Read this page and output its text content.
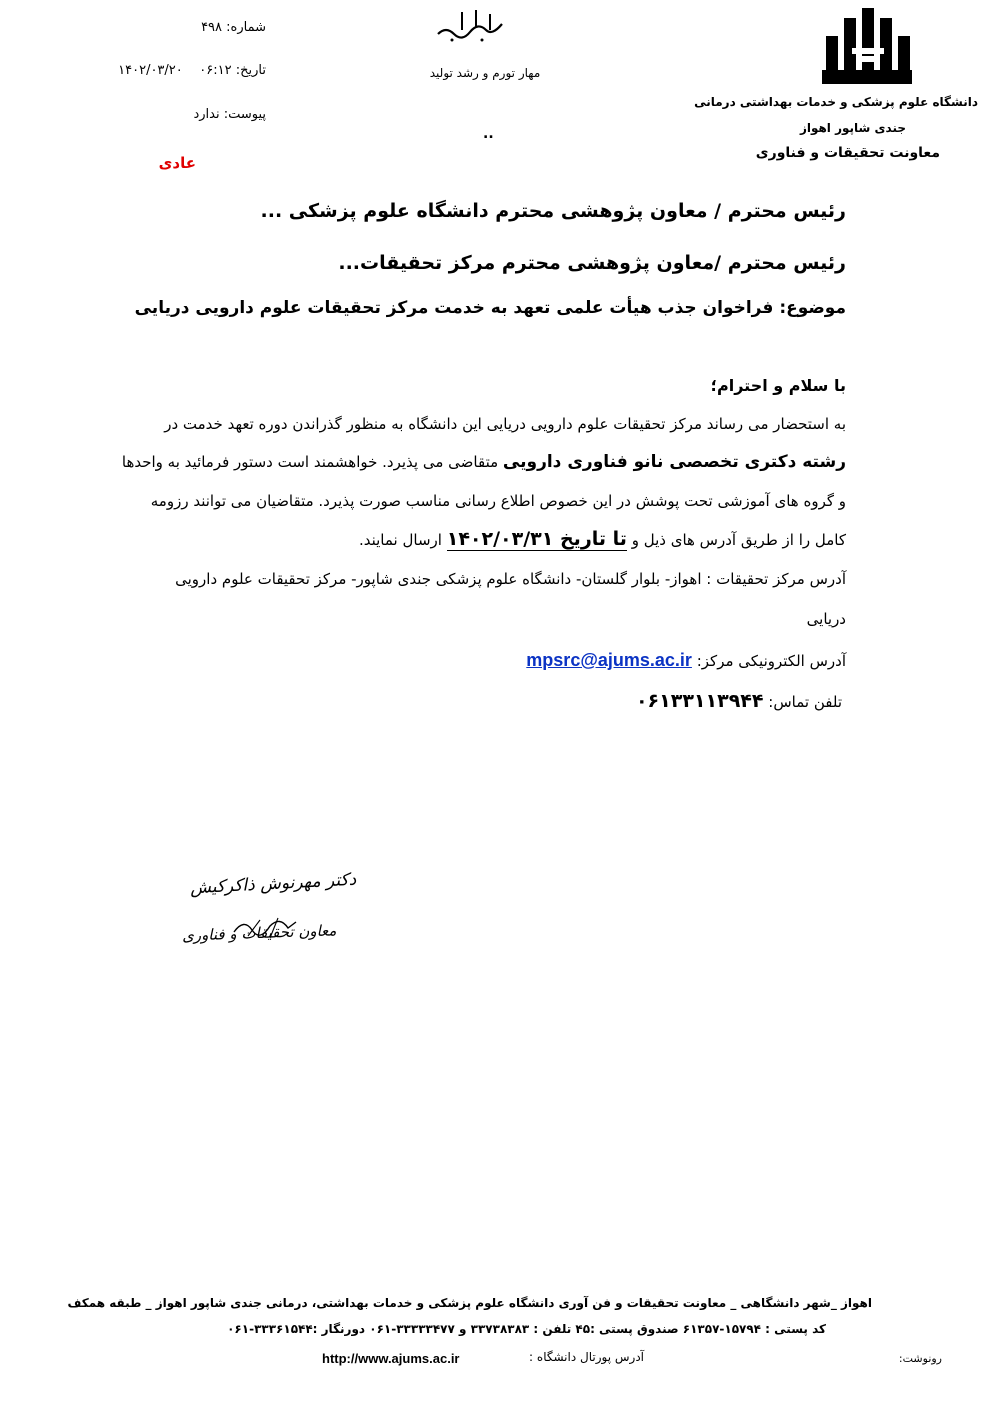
دانشگاه علوم پزشکی و خدمات بهداشتی درمانی
جندی شاپور اهواز
معاونت تحقیقات و فناوری
مهار تورم و رشد تولید
..
شماره: ۴۹۸
تاریخ: ۰۶:۱۲    ۱۴۰۲/۰۳/۲۰
پیوست: ندارد
عادی
رئیس محترم / معاون پژوهشی محترم دانشگاه علوم پزشکی ...
رئیس محترم /معاون پژوهشی محترم مرکز تحقیقات...
موضوع: فراخوان جذب هیأت علمی تعهد به خدمت مرکز تحقیقات علوم دارویی دریایی
با سلام و احترام؛
به استحضار می رساند مرکز تحقیقات علوم دارویی دریایی این دانشگاه به منظور گذراندن دوره تعهد خدمت در
رشته دکتری تخصصی نانو فناوری دارویی متقاضی می پذیرد. خواهشمند است دستور فرمائید به واحدها
و گروه های آموزشی تحت پوشش در این خصوص اطلاع رسانی مناسب صورت پذیرد. متقاضیان می توانند رزومه
کامل را از طریق آدرس های ذیل و تا تاریخ ۱۴۰۲/۰۳/۳۱ ارسال نمایند.
آدرس مرکز تحقیقات : اهواز- بلوار گلستان- دانشگاه علوم پزشکی جندی شاپور- مرکز تحقیقات علوم دارویی
دریایی
آدرس الکترونیکی مرکز: mpsrc@ajums.ac.ir
تلفن تماس: ۰۶۱۳۳۱۱۳۹۴۴
دکتر مهرنوش ذاکرکیش
معاون تحقیقات و فناوری
اهواز _شهر دانشگاهی _ معاونت تحقیقات و فن آوری دانشگاه علوم پزشکی و خدمات بهداشتی، درمانی جندی شاپور اهواز _ طبقه همکف
کد پستی : ۱۵۷۹۴-۶۱۳۵۷ صندوق پستی :۴۵ تلفن : ۳۳۷۳۸۳۸۳ و ۳۳۳۳۳۴۷۷-۰۶۱ دورنگار :۳۳۳۶۱۵۴۴-۰۶۱
آدرس پورتال دانشگاه :
http://www.ajums.ac.ir	رونوشت:
